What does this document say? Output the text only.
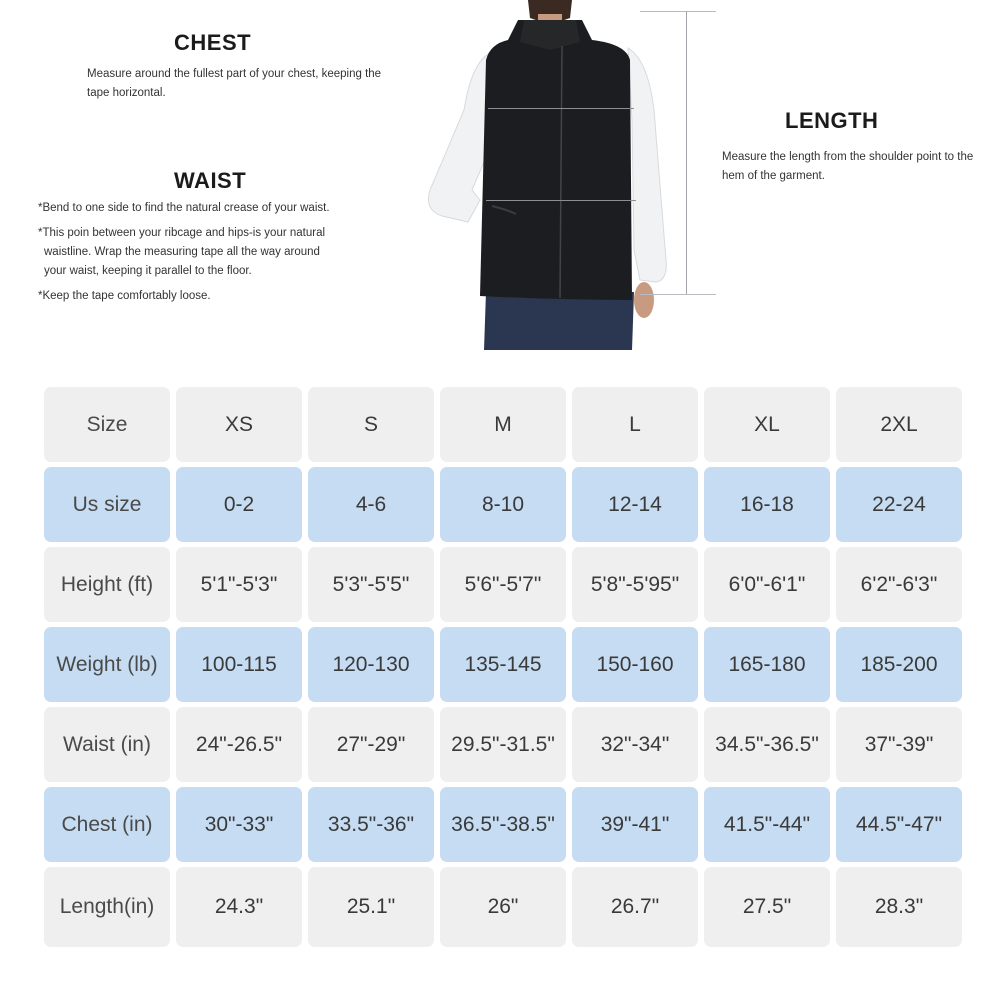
CHEST

Measure around the fullest part of your chest, keeping the tape horizontal.

WAIST

*Bend to one side to find the natural crease of your waist.

*This poin between your ribcage and hips-is your natural

waistline. Wrap the measuring tape all the way around

your waist, keeping it parallel to the floor.

*Keep the tape comfortably loose.

LENGTH

Measure the length from the shoulder point to the hem of the garment.

Size	XS	S	M	L	XL	2XL
Us size	0-2	4-6	8-10	12-14	16-18	22-24
Height (ft)	5'1"-5'3"	5'3"-5'5"	5'6"-5'7"	5'8"-5'95"	6'0"-6'1"	6'2"-6'3"
Weight (lb)	100-115	120-130	135-145	150-160	165-180	185-200
Waist (in)	24"-26.5"	27"-29"	29.5"-31.5"	32"-34"	34.5"-36.5"	37"-39"
Chest (in)	30"-33"	33.5"-36"	36.5"-38.5"	39"-41"	41.5"-44"	44.5"-47"
Length(in)	24.3"	25.1"	26"	26.7"	27.5"	28.3"
